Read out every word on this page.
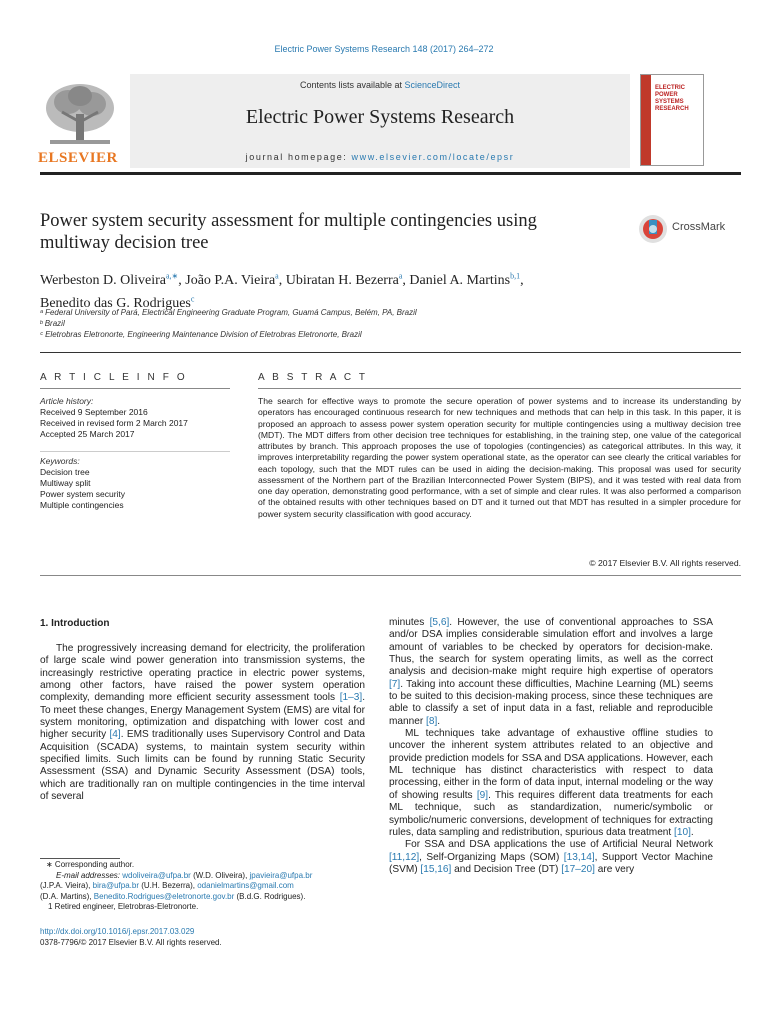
Electric Power Systems Research 148 (2017) 264–272
Contents lists available at ScienceDirect
Electric Power Systems Research
journal homepage: www.elsevier.com/locate/epsr
ELSEVIER
ELECTRIC POWER SYSTEMS RESEARCH
Power system security assessment for multiple contingencies using
multiway decision tree
CrossMark
Werbeston D. Oliveira$^{a,∗}$, João P.A. Vieira$^a$, Ubiratan H. Bezerra$^a$, Daniel A. Martins$^{b,1}$,
Benedito das G. Rodrigues$^c$
ᵃ Federal University of Pará, Electrical Engineering Graduate Program, Guamá Campus, Belém, PA, Brazil
ᵇ Brazil
ᶜ Eletrobras Eletronorte, Engineering Maintenance Division of Eletrobras Eletronorte, Brazil
A R T I C L E I N F O	A B S T R A C T
Article history:
Received 9 September 2016
Received in revised form 2 March 2017
Accepted 25 March 2017
Keywords:
Decision tree
Multiway split
Power system security
Multiple contingencies
The search for effective ways to promote the secure operation of power systems and to increase its understanding by operators has encouraged continuous research for new techniques and methods that can help in this task. In this paper, it is proposed an approach to assess power system operation security for multiple contingencies using a multiway decision tree (MDT). The MDT differs from other decision tree techniques for establishing, in the training step, one value of the categorical attributes by branch. This approach proposes the use of topologies (contingencies) as categorical attributes. In this way, it improves interpretability regarding the power system operational state, as the operator can see clearly the critical variables for each topology, such that the MDT rules can be used in aiding the decision-making. This proposal was used for security assessment of the Northern part of the Brazilian Interconnected Power System (BIPS), and it was tested with real data from one day operation, demonstrating good performance, with a set of simple and clear rules. It was also performed a comparison of the obtained results with other techniques based on DT and it turned out that MDT has resulted in a simpler procedure for power system security classification with good accuracy.
© 2017 Elsevier B.V. All rights reserved.
1. Introduction

The progressively increasing demand for electricity, the proliferation of large scale wind power generation into transmission systems, the increasingly restrictive operating practice in electric power systems, among other factors, have raised the power system operation complexity, demanding more efficient security assessment tools [1–3]. To meet these changes, Energy Management System (EMS) are vital for system monitoring, optimization and dispatching with lower cost and higher security [4]. EMS traditionally uses Supervisory Control and Data Acquisition (SCADA) systems, to maintain system security within specified limits. Such limits can be found by running Static Security Assessment (SSA) and Dynamic Security Assessment (DSA) tools, which are traditionally ran on multiple contingencies in the time interval of several

minutes [5,6]. However, the use of conventional approaches to SSA and/or DSA implies considerable simulation effort and involves a large amount of variables to be checked by operators for decision-make. Thus, the search for system operating limits, as well as the correct analysis and decision-make might require high expertise of operators [7]. Taking into account these difficulties, Machine Learning (ML) seems to be suited to this decision-making process, since these techniques are able to classify a set of input data in a fast, reliable and reproducible manner [8].

ML techniques take advantage of exhaustive offline studies to uncover the inherent system attributes related to an objective and provide prediction models for SSA and DSA applications. However, each ML technique has distinct characteristics with respect to data processing, either in the form of data input, internal modeling or the way of showing results [9]. This requires different data treatments for each ML technique, such as standardization, numeric/symbolic or symbolic/numeric conversions, development of techniques for extracting rules, data sampling and redistribution, spurious data treatment [10].

For SSA and DSA applications the use of Artificial Neural Network [11,12], Self-Organizing Maps (SOM) [13,14], Support Vector Machine (SVM) [15,16] and Decision Tree (DT) [17–20] are very

∗ Corresponding author.
E-mail addresses: wdoliveira@ufpa.br (W.D. Oliveira), jpavieira@ufpa.br
(J.P.A. Vieira), bira@ufpa.br (U.H. Bezerra), odanielmartins@gmail.com
(D.A. Martins), Benedito.Rodrigues@eletronorte.gov.br (B.d.G. Rodrigues).
1 Retired engineer, Eletrobras-Eletronorte.
http://dx.doi.org/10.1016/j.epsr.2017.03.029
0378-7796/© 2017 Elsevier B.V. All rights reserved.
